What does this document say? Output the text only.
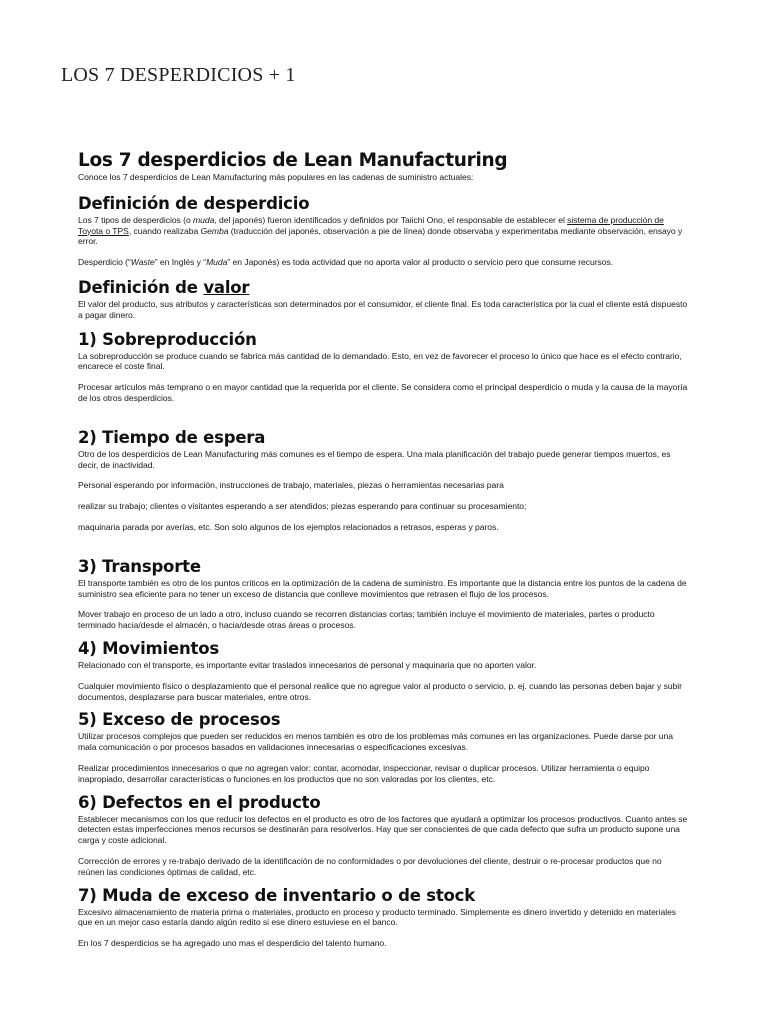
LOS 7 DESPERDICIOS + 1
Los 7 desperdicios de Lean Manufacturing

Conoce los 7 desperdicios de Lean Manufacturing más populares en las cadenas de suministro actuales:

Definición de desperdicio

Los 7 tipos de desperdicios (o muda, del japonés) fueron identificados y definidos por Taiichi Ono, el responsable de establecer el sistema de producción de Toyota o TPS, cuando realizaba Gemba (traducción del japonés, observación a pie de línea) donde observaba y experimentaba mediante observación, ensayo y error.

Desperdicio (“Waste” en Inglés y “Muda” en Japonés) es toda actividad que no aporta valor al producto o servicio pero que consume recursos.

Definición de valor

El valor del producto, sus atributos y características son determinados por el consumidor, el cliente final. Es toda característica por la cual el cliente está dispuesto a pagar dinero.

1) Sobreproducción

La sobreproducción se produce cuando se fabrica más cantidad de lo demandado. Esto, en vez de favorecer el proceso lo único que hace es el efecto contrario, encarece el coste final.

Procesar artículos más temprano o en mayor cantidad que la requerida por el cliente. Se considera como el principal desperdicio o muda y la causa de la mayoría de los otros desperdicios.

2) Tiempo de espera

Otro de los desperdicios de Lean Manufacturing más comunes es el tiempo de espera. Una mala planificación del trabajo puede generar tiempos muertos, es decir, de inactividad.

Personal esperando por información, instrucciones de trabajo, materiales, piezas o herramientas necesarias para

realizar su trabajo; clientes o visitantes esperando a ser atendidos; piezas esperando para continuar su procesamiento;

maquinaria parada por averías, etc. Son solo algunos de los ejemplos relacionados a retrasos, esperas y paros.

3) Transporte

El transporte también es otro de los puntos críticos en la optimización de la cadena de suministro. Es importante que la distancia entre los puntos de la cadena de suministro sea eficiente para no tener un exceso de distancia que conlleve movimientos que retrasen el flujo de los procesos.

Mover trabajo en proceso de un lado a otro, incluso cuando se recorren distancias cortas; también incluye el movimiento de materiales, partes o producto terminado hacia/desde el almacén, o hacia/desde otras áreas o procesos.

4) Movimientos

Relacionado con el transporte, es importante evitar traslados innecesarios de personal y maquinaria que no aporten valor.

Cualquier movimiento físico o desplazamiento que el personal realice que no agregue valor al producto o servicio, p. ej. cuando las personas deben bajar y subir documentos, desplazarse para buscar materiales, entre otros.

5) Exceso de procesos

Utilizar procesos complejos que pueden ser reducidos en menos también es otro de los problemas más comunes en las organizaciones. Puede darse por una mala comunicación o por procesos basados en validaciones innecesarias o especificaciones excesivas.

Realizar procedimientos innecesarios o que no agregan valor: contar, acomodar, inspeccionar, revisar o duplicar procesos. Utilizar herramienta o equipo inapropiado, desarrollar características o funciones en los productos que no son valoradas por los clientes, etc.

6) Defectos en el producto

Establecer mecanismos con los que reducir los defectos en el producto es otro de los factores que ayudará a optimizar los procesos productivos. Cuanto antes se detecten estas imperfecciones menos recursos se destinarán para resolverlos. Hay que ser conscientes de que cada defecto que sufra un producto supone una carga y coste adicional.

Corrección de errores y re-trabajo derivado de la identificación de no conformidades o por devoluciones del cliente, destruir o re-procesar productos que no reúnen las condiciones óptimas de calidad, etc.

7) Muda de exceso de inventario o de stock

Excesivo almacenamiento de materia prima o materiales, producto en proceso y producto terminado. Simplemente es dinero invertido y detenido en materiales que en un mejor caso estaría dando algún redito si ese dinero estuviese en el banco.

En los 7 desperdicios se ha agregado uno mas el desperdicio del talento humano.
